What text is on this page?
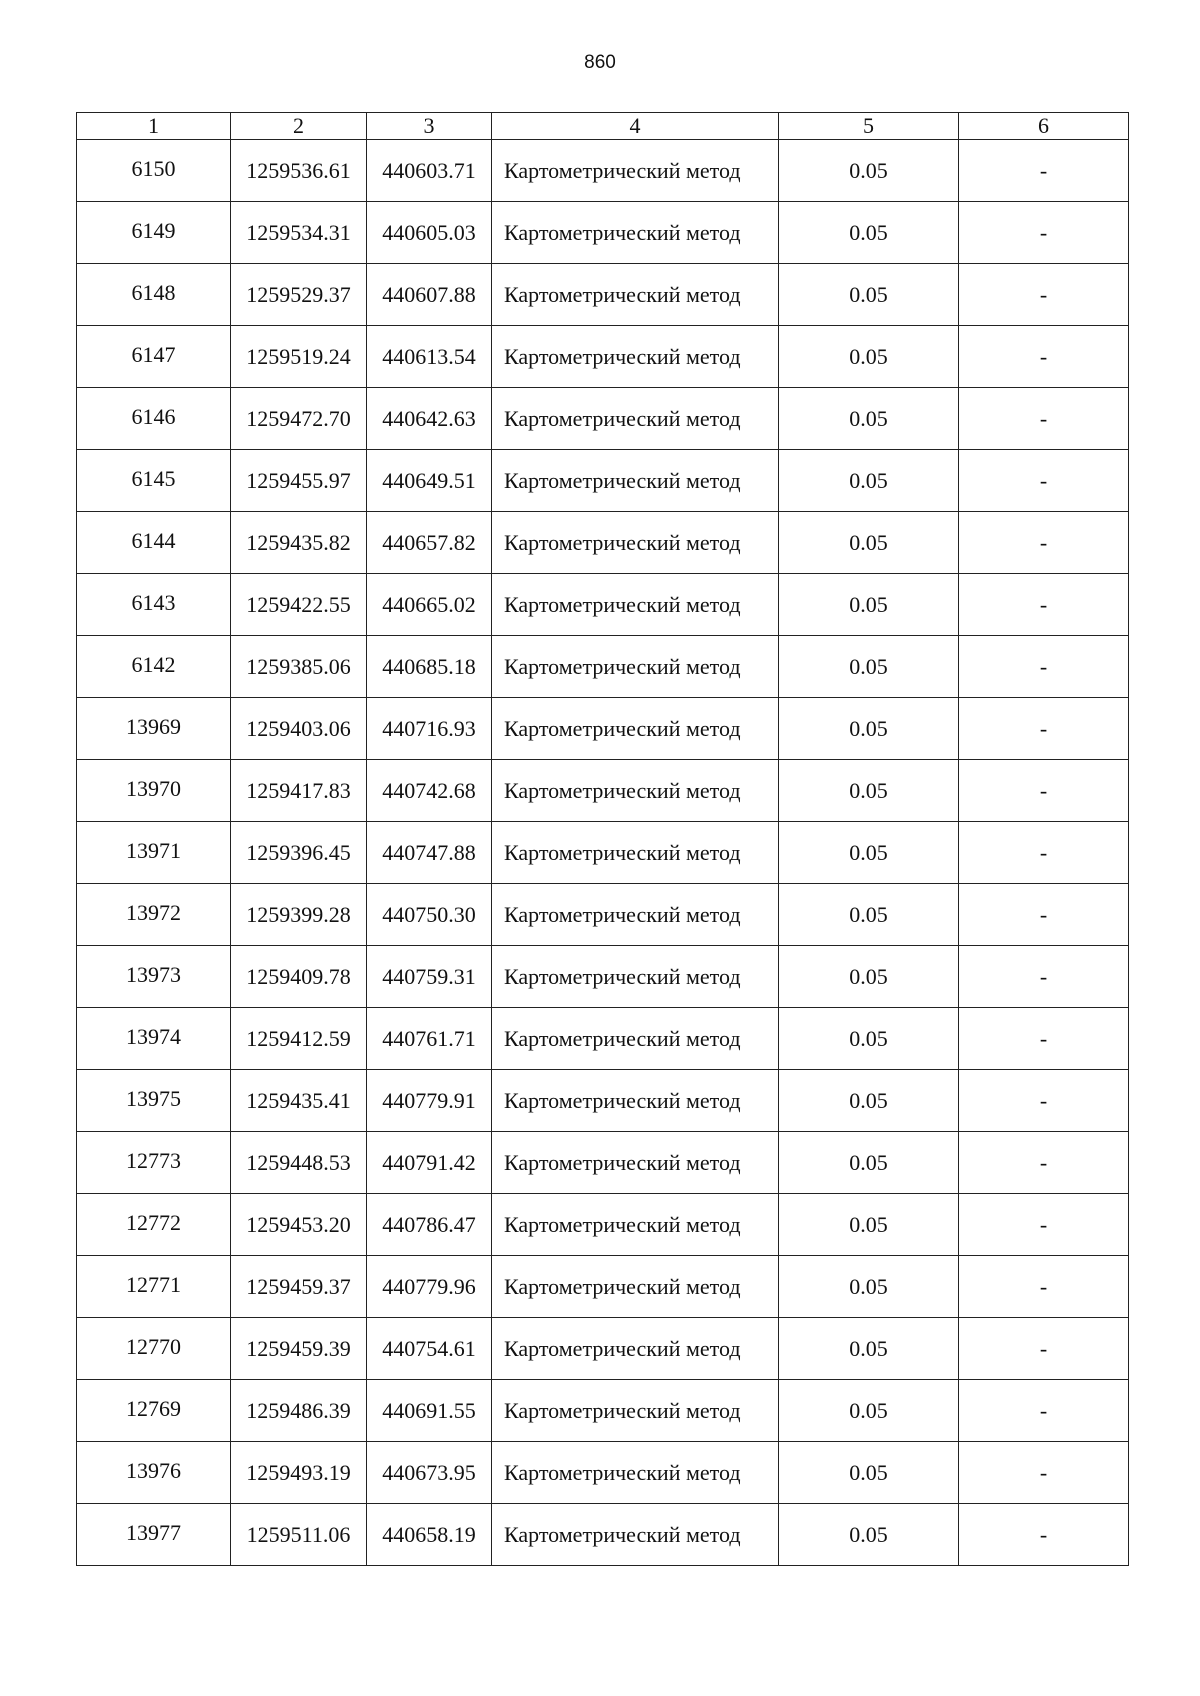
860
1	2	3	4	5	6
6150	1259536.61	440603.71	Картометрический метод	0.05	-
6149	1259534.31	440605.03	Картометрический метод	0.05	-
6148	1259529.37	440607.88	Картометрический метод	0.05	-
6147	1259519.24	440613.54	Картометрический метод	0.05	-
6146	1259472.70	440642.63	Картометрический метод	0.05	-
6145	1259455.97	440649.51	Картометрический метод	0.05	-
6144	1259435.82	440657.82	Картометрический метод	0.05	-
6143	1259422.55	440665.02	Картометрический метод	0.05	-
6142	1259385.06	440685.18	Картометрический метод	0.05	-
13969	1259403.06	440716.93	Картометрический метод	0.05	-
13970	1259417.83	440742.68	Картометрический метод	0.05	-
13971	1259396.45	440747.88	Картометрический метод	0.05	-
13972	1259399.28	440750.30	Картометрический метод	0.05	-
13973	1259409.78	440759.31	Картометрический метод	0.05	-
13974	1259412.59	440761.71	Картометрический метод	0.05	-
13975	1259435.41	440779.91	Картометрический метод	0.05	-
12773	1259448.53	440791.42	Картометрический метод	0.05	-
12772	1259453.20	440786.47	Картометрический метод	0.05	-
12771	1259459.37	440779.96	Картометрический метод	0.05	-
12770	1259459.39	440754.61	Картометрический метод	0.05	-
12769	1259486.39	440691.55	Картометрический метод	0.05	-
13976	1259493.19	440673.95	Картометрический метод	0.05	-
13977	1259511.06	440658.19	Картометрический метод	0.05	-
